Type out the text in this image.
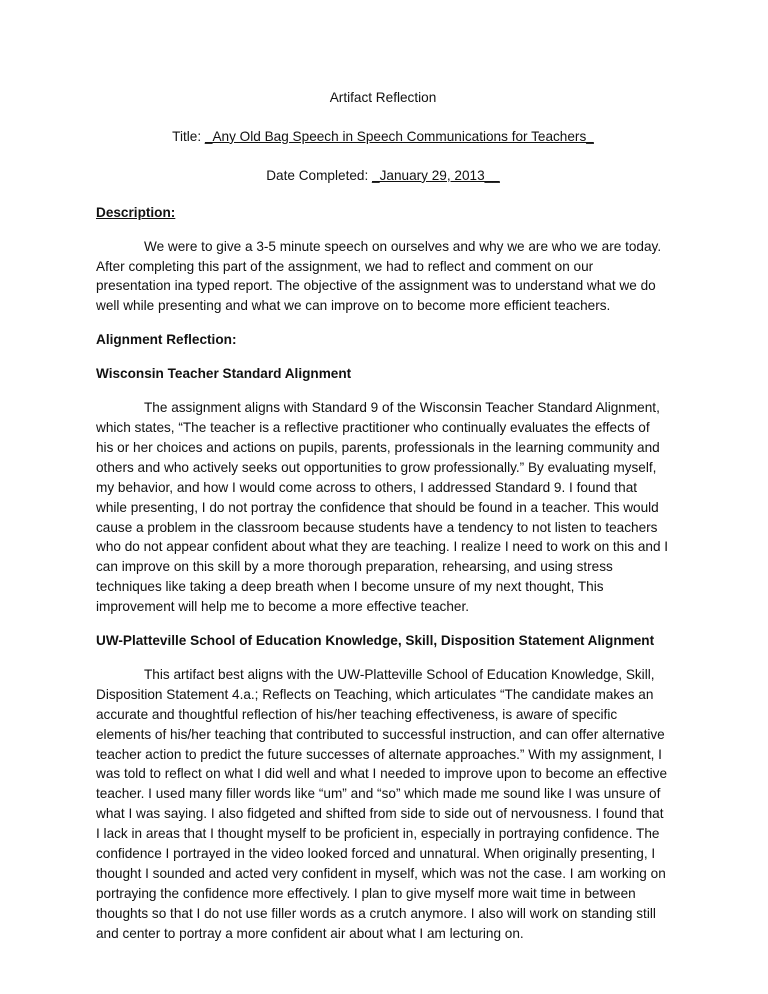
Artifact Reflection

Title: _Any Old Bag Speech in Speech Communications for Teachers_

Date Completed: _January 29, 2013__

Description:

We were to give a 3-5 minute speech on ourselves and why we are who we are today. After completing this part of the assignment, we had to reflect and comment on our presentation ina typed report. The objective of the assignment was to understand what we do well while presenting and what we can improve on to become more efficient teachers.

Alignment Reflection:
Wisconsin Teacher Standard Alignment

The assignment aligns with Standard 9 of the Wisconsin Teacher Standard Alignment, which states, “The teacher is a reflective practitioner who continually evaluates the effects of his or her choices and actions on pupils, parents, professionals in the learning community and others and who actively seeks out opportunities to grow professionally.” By evaluating myself, my behavior, and how I would come across to others, I addressed Standard 9. I found that while presenting, I do not portray the confidence that should be found in a teacher. This would cause a problem in the classroom because students have a tendency to not listen to teachers who do not appear confident about what they are teaching. I realize I need to work on this and I can improve on this skill by a more thorough preparation, rehearsing, and using stress techniques like taking a deep breath when I become unsure of my next thought, This improvement will help me to become a more effective teacher.

UW-Platteville School of Education Knowledge, Skill, Disposition Statement Alignment

This artifact best aligns with the UW-Platteville School of Education Knowledge, Skill, Disposition Statement 4.a.; Reflects on Teaching, which articulates “The candidate makes an accurate and thoughtful reflection of his/her teaching effectiveness, is aware of specific elements of his/her teaching that contributed to successful instruction, and can offer alternative teacher action to predict the future successes of alternate approaches.” With my assignment, I was told to reflect on what I did well and what I needed to improve upon to become an effective teacher. I used many filler words like “um” and “so” which made me sound like I was unsure of what I was saying. I also fidgeted and shifted from side to side out of nervousness. I found that I lack in areas that I thought myself to be proficient in, especially in portraying confidence. The confidence I portrayed in the video looked forced and unnatural. When originally presenting, I thought I sounded and acted very confident in myself, which was not the case. I am working on portraying the confidence more effectively. I plan to give myself more wait time in between thoughts so that I do not use filler words as a crutch anymore. I also will work on standing still and center to portray a more confident air about what I am lecturing on.
